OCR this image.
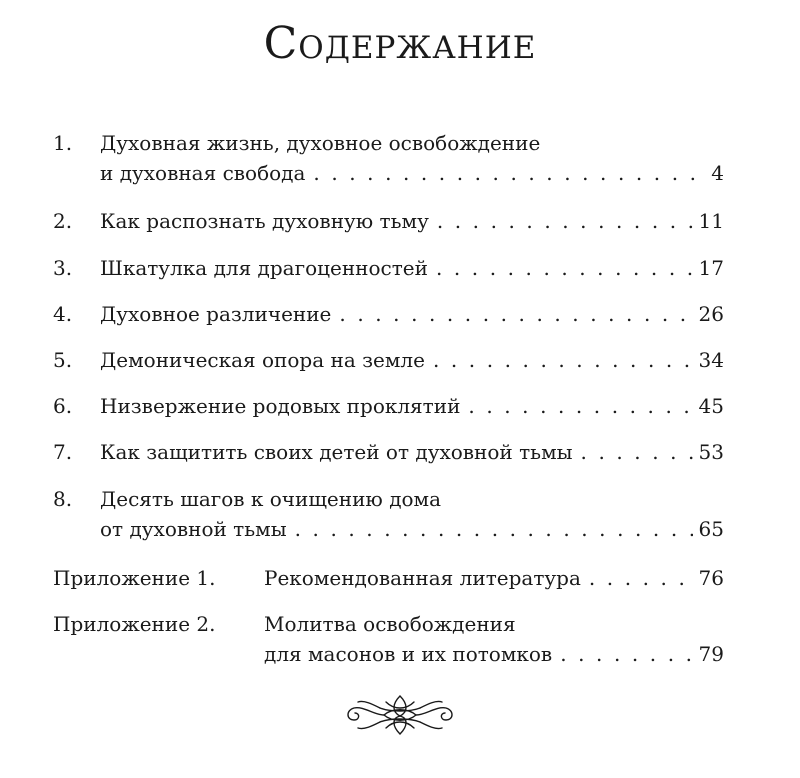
Содержание
1. Духовная жизнь, духовное освобождение
и духовная свобода . . .	4
2. Как распознать духовную тьму . . .	11
3. Шкатулка для драгоценностей . . .	17
4. Духовное различение . . .	26
5. Демоническая опора на земле . . .	34
6. Низвержение родовых проклятий . . .	45
7. Как защитить своих детей от духовной тьмы . . .	53
8. Десять шагов к очищению дома
от духовной тьмы . . .	65
Приложение 1. Рекомендованная литература . . .	76
Приложение 2. Молитва освобождения
для масонов и их потомков . . .	79
